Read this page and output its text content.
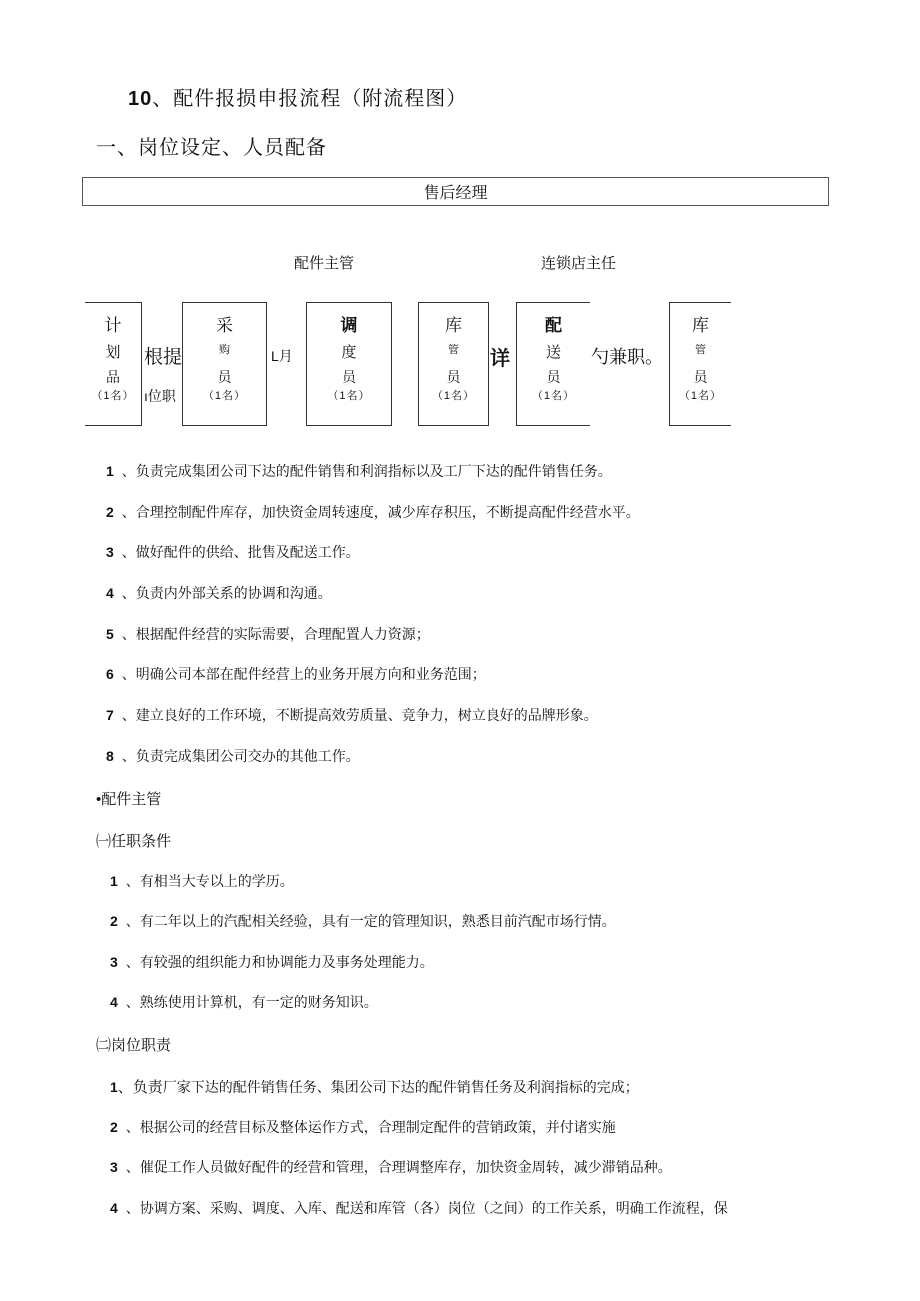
10、配件报损申报流程（附流程图）
一、岗位设定、人员配备
售后经理
配件主管	连锁店主任
计
划
品
（1名）
根提
ı位职
采
购
员
（1名）
L月
调
度
员
（1名）
库
管
员
（1名）
详
配
送
员
（1名）
勺兼职。
库
管
员
（1名）
1 、负责完成集团公司下达的配件销售和利润指标以及工厂下达的配件销售任务。
2 、合理控制配件库存，加快资金周转速度，减少库存积压，不断提高配件经营水平。
3 、做好配件的供给、批售及配送工作。
4 、负责内外部关系的协调和沟通。
5 、根据配件经营的实际需要，合理配置人力资源；
6 、明确公司本部在配件经营上的业务开展方向和业务范围；
7 、建立良好的工作环境，不断提高效劳质量、竞争力，树立良好的品牌形象。
8 、负责完成集团公司交办的其他工作。
•配件主管
㈠任职条件
1 、有相当大专以上的学历。
2 、有二年以上的汽配相关经验，具有一定的管理知识，熟悉目前汽配市场行情。
3 、有较强的组织能力和协调能力及事务处理能力。
4 、熟练使用计算机，有一定的财务知识。
㈡岗位职责
1、负责厂家下达的配件销售任务、集团公司下达的配件销售任务及利润指标的完成；
2 、根据公司的经营目标及整体运作方式，合理制定配件的营销政策，并付诸实施
3 、催促工作人员做好配件的经营和管理，合理调整库存，加快资金周转，减少滞销品种。
4 、协调方案、采购、调度、入库、配送和库管（各）岗位（之间）的工作关系，明确工作流程，保
